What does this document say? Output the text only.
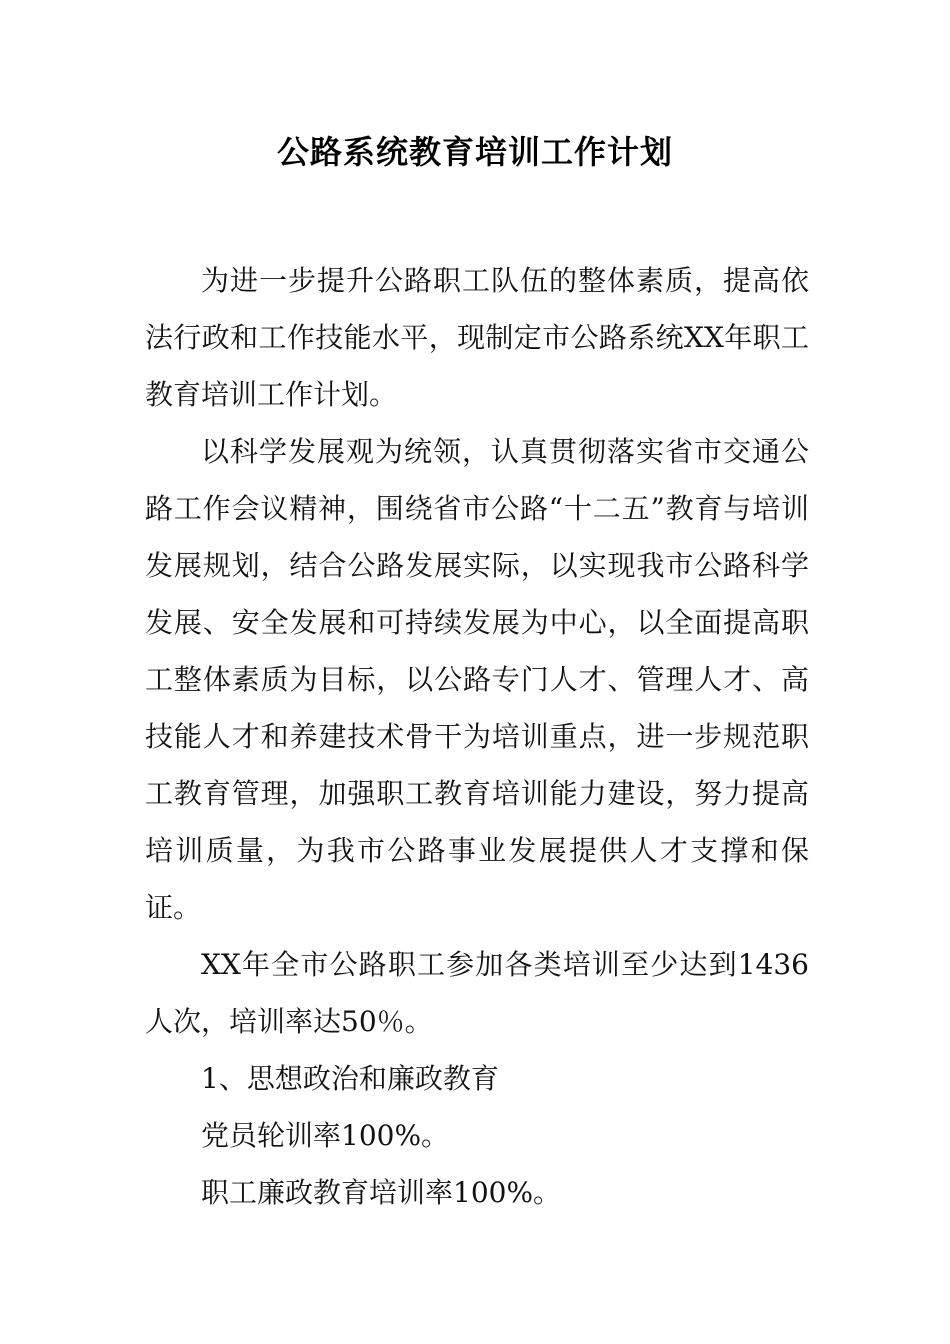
公路系统教育培训工作计划

为进一步提升公路职工队伍的整体素质，提高依法行政和工作技能水平，现制定市公路系统XX年职工教育培训工作计划。

以科学发展观为统领，认真贯彻落实省市交通公路工作会议精神，围绕省市公路“十二五”教育与培训发展规划，结合公路发展实际，以实现我市公路科学发展、安全发展和可持续发展为中心，以全面提高职工整体素质为目标，以公路专门人才、管理人才、高技能人才和养建技术骨干为培训重点，进一步规范职工教育管理，加强职工教育培训能力建设，努力提高培训质量，为我市公路事业发展提供人才支撑和保证。

XX年全市公路职工参加各类培训至少达到1436人次，培训率达50％。

1、思想政治和廉政教育

党员轮训率100%。

职工廉政教育培训率100%。
